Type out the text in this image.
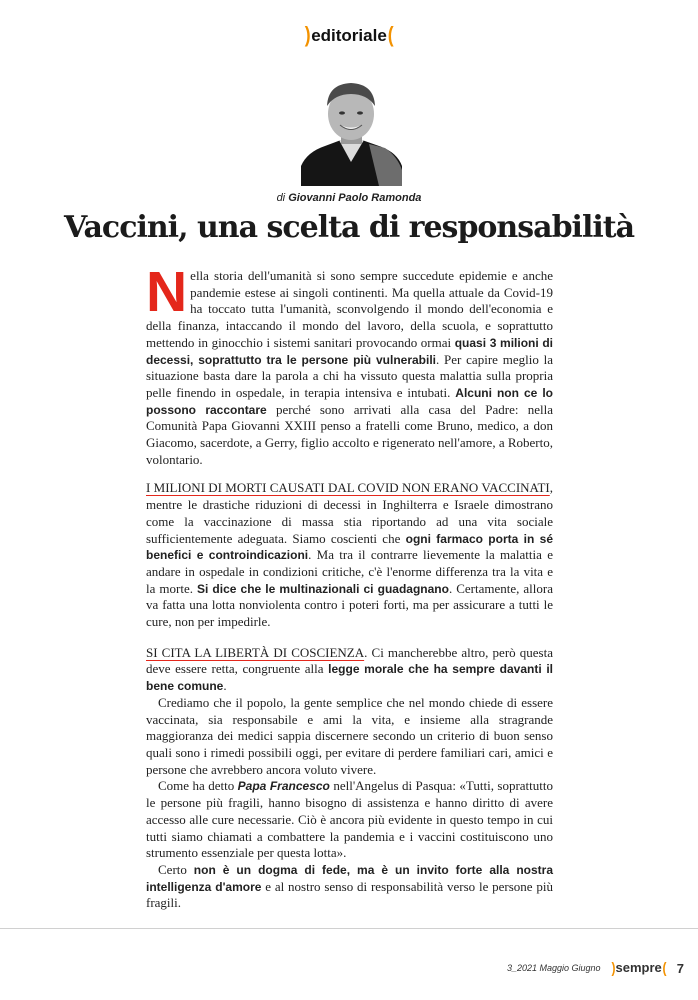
)editoriale(
di Giovanni Paolo Ramonda
Vaccini, una scelta di responsabilità

Nella storia dell'umanità si sono sempre succedute epidemie e anche pandemie estese ai singoli continenti. Ma quella attuale da Covid-19 ha toccato tutta l'umanità, sconvolgendo il mondo dell'economia e della finanza, intaccando il mondo del lavoro, della scuola, e soprattutto mettendo in ginocchio i sistemi sanitari provocando ormai quasi 3 milioni di decessi, soprattutto tra le persone più vulnerabili. Per capire meglio la situazione basta dare la parola a chi ha vissuto questa malattia sulla propria pelle finendo in ospedale, in terapia intensiva e intubati. Alcuni non ce lo possono raccontare perché sono arrivati alla casa del Padre: nella Comunità Papa Giovanni XXIII penso a fratelli come Bruno, medico, a don Giacomo, sacerdote, a Gerry, figlio accolto e rigenerato nell'amore, a Roberto, volontario.

I MILIONI DI MORTI CAUSATI DAL COVID NON ERANO VACCINATI, mentre le drastiche riduzioni di decessi in Inghilterra e Israele dimostrano come la vaccinazione di massa stia riportando ad una vita sociale sufficientemente adeguata. Siamo coscienti che ogni farmaco porta in sé benefici e controindicazioni. Ma tra il contrarre lievemente la malattia e andare in ospedale in condizioni critiche, c'è l'enorme differenza tra la vita e la morte. Si dice che le multinazionali ci guadagnano. Certamente, allora va fatta una lotta nonviolenta contro i poteri forti, ma per assicurare a tutti le cure, non per impedirle.

SI CITA LA LIBERTÀ DI COSCIENZA. Ci mancherebbe altro, però questa deve essere retta, congruente alla legge morale che ha sempre davanti il bene comune.

Crediamo che il popolo, la gente semplice che nel mondo chiede di essere vaccinata, sia responsabile e ami la vita, e insieme alla stragrande maggioranza dei medici sappia discernere secondo un criterio di buon senso quali sono i rimedi possibili oggi, per evitare di perdere familiari cari, amici e persone che avrebbero ancora voluto vivere.

Come ha detto Papa Francesco nell'Angelus di Pasqua: «Tutti, soprattutto le persone più fragili, hanno bisogno di assistenza e hanno diritto di avere accesso alle cure necessarie. Ciò è ancora più evidente in questo tempo in cui tutti siamo chiamati a combattere la pandemia e i vaccini costituiscono uno strumento essenziale per questa lotta».

Certo non è un dogma di fede, ma è un invito forte alla nostra intelligenza d'amore e al nostro senso di responsabilità verso le persone più fragili.

3_2021 Maggio Giugno )sempre( 7
